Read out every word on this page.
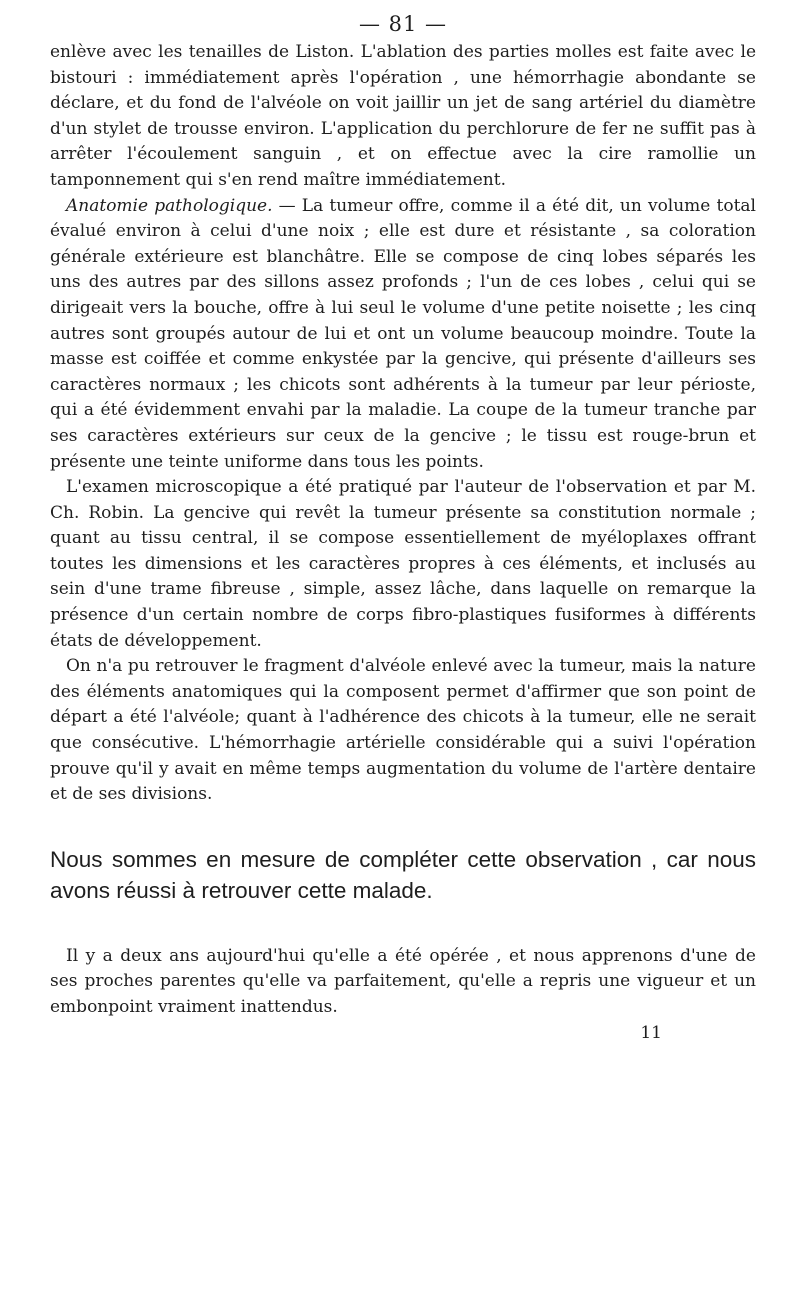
— 81 —

enlève avec les tenailles de Liston. L'ablation des parties molles est faite avec le bistouri : immédiatement après l'opération , une hémorrhagie abondante se déclare, et du fond de l'alvéole on voit jaillir un jet de sang artériel du diamètre d'un stylet de trousse environ. L'application du perchlorure de fer ne suffit pas à arrêter l'écoulement sanguin , et on effectue avec la cire ramollie un tamponnement qui s'en rend maître immédiatement.

Anatomie pathologique. — La tumeur offre, comme il a été dit, un volume total évalué environ à celui d'une noix ; elle est dure et résistante , sa coloration générale extérieure est blanchâtre. Elle se compose de cinq lobes séparés les uns des autres par des sillons assez profonds ; l'un de ces lobes , celui qui se dirigeait vers la bouche, offre à lui seul le volume d'une petite noisette ; les cinq autres sont groupés autour de lui et ont un volume beaucoup moindre. Toute la masse est coiffée et comme enkystée par la gencive, qui présente d'ailleurs ses caractères normaux ; les chicots sont adhérents à la tumeur par leur périoste, qui a été évidemment envahi par la maladie. La coupe de la tumeur tranche par ses caractères extérieurs sur ceux de la gencive ; le tissu est rouge-brun et présente une teinte uniforme dans tous les points.

L'examen microscopique a été pratiqué par l'auteur de l'observation et par M. Ch. Robin. La gencive qui revêt la tumeur présente sa constitution normale ; quant au tissu central, il se compose essentiellement de myéloplaxes offrant toutes les dimensions et les caractères propres à ces éléments, et inclusés au sein d'une trame fibreuse , simple, assez lâche, dans laquelle on remarque la présence d'un certain nombre de corps fibro-plastiques fusiformes à différents états de développement.

On n'a pu retrouver le fragment d'alvéole enlevé avec la tumeur, mais la nature des éléments anatomiques qui la composent permet d'affirmer que son point de départ a été l'alvéole; quant à l'adhérence des chicots à la tumeur, elle ne serait que consécutive. L'hémorrhagie artérielle considérable qui a suivi l'opération prouve qu'il y avait en même temps augmentation du volume de l'artère dentaire et de ses divisions.

Nous sommes en mesure de compléter cette observation , car nous avons réussi à retrouver cette malade.

Il y a deux ans aujourd'hui qu'elle a été opérée , et nous apprenons d'une de ses proches parentes qu'elle va parfaitement, qu'elle a repris une vigueur et un embonpoint vraiment inattendus.

11
